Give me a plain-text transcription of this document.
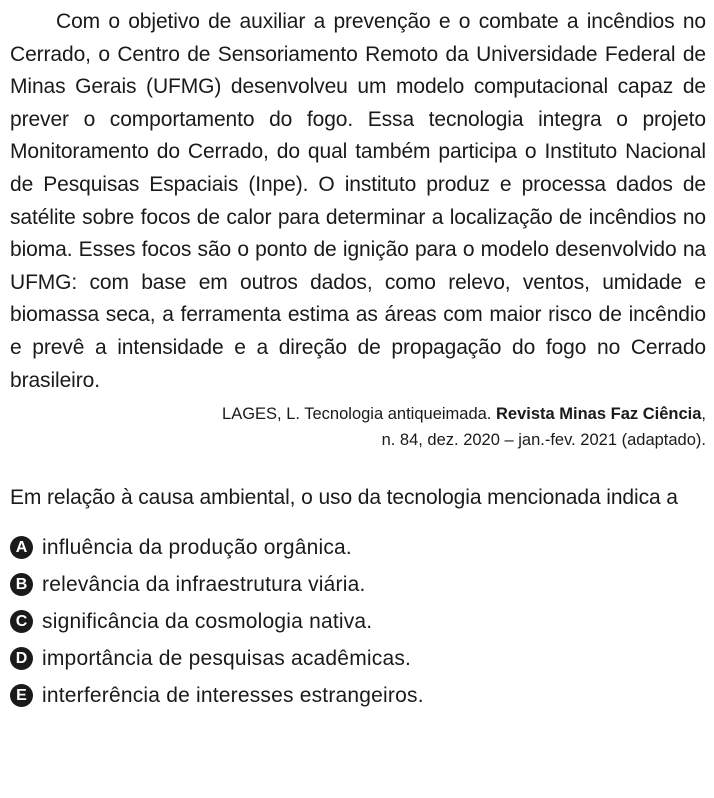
Com o objetivo de auxiliar a prevenção e o combate a incêndios no Cerrado, o Centro de Sensoriamento Remoto da Universidade Federal de Minas Gerais (UFMG) desenvolveu um modelo computacional capaz de prever o comportamento do fogo. Essa tecnologia integra o projeto Monitoramento do Cerrado, do qual também participa o Instituto Nacional de Pesquisas Espaciais (Inpe). O instituto produz e processa dados de satélite sobre focos de calor para determinar a localização de incêndios no bioma. Esses focos são o ponto de ignição para o modelo desenvolvido na UFMG: com base em outros dados, como relevo, ventos, umidade e biomassa seca, a ferramenta estima as áreas com maior risco de incêndio e prevê a intensidade e a direção de propagação do fogo no Cerrado brasileiro.

LAGES, L. Tecnologia antiqueimada. Revista Minas Faz Ciência,
n. 84, dez. 2020 – jan.-fev. 2021 (adaptado).
Em relação à causa ambiental, o uso da tecnologia mencionada indica a
A influência da produção orgânica.
B relevância da infraestrutura viária.
C significância da cosmologia nativa.
D importância de pesquisas acadêmicas.
E interferência de interesses estrangeiros.
